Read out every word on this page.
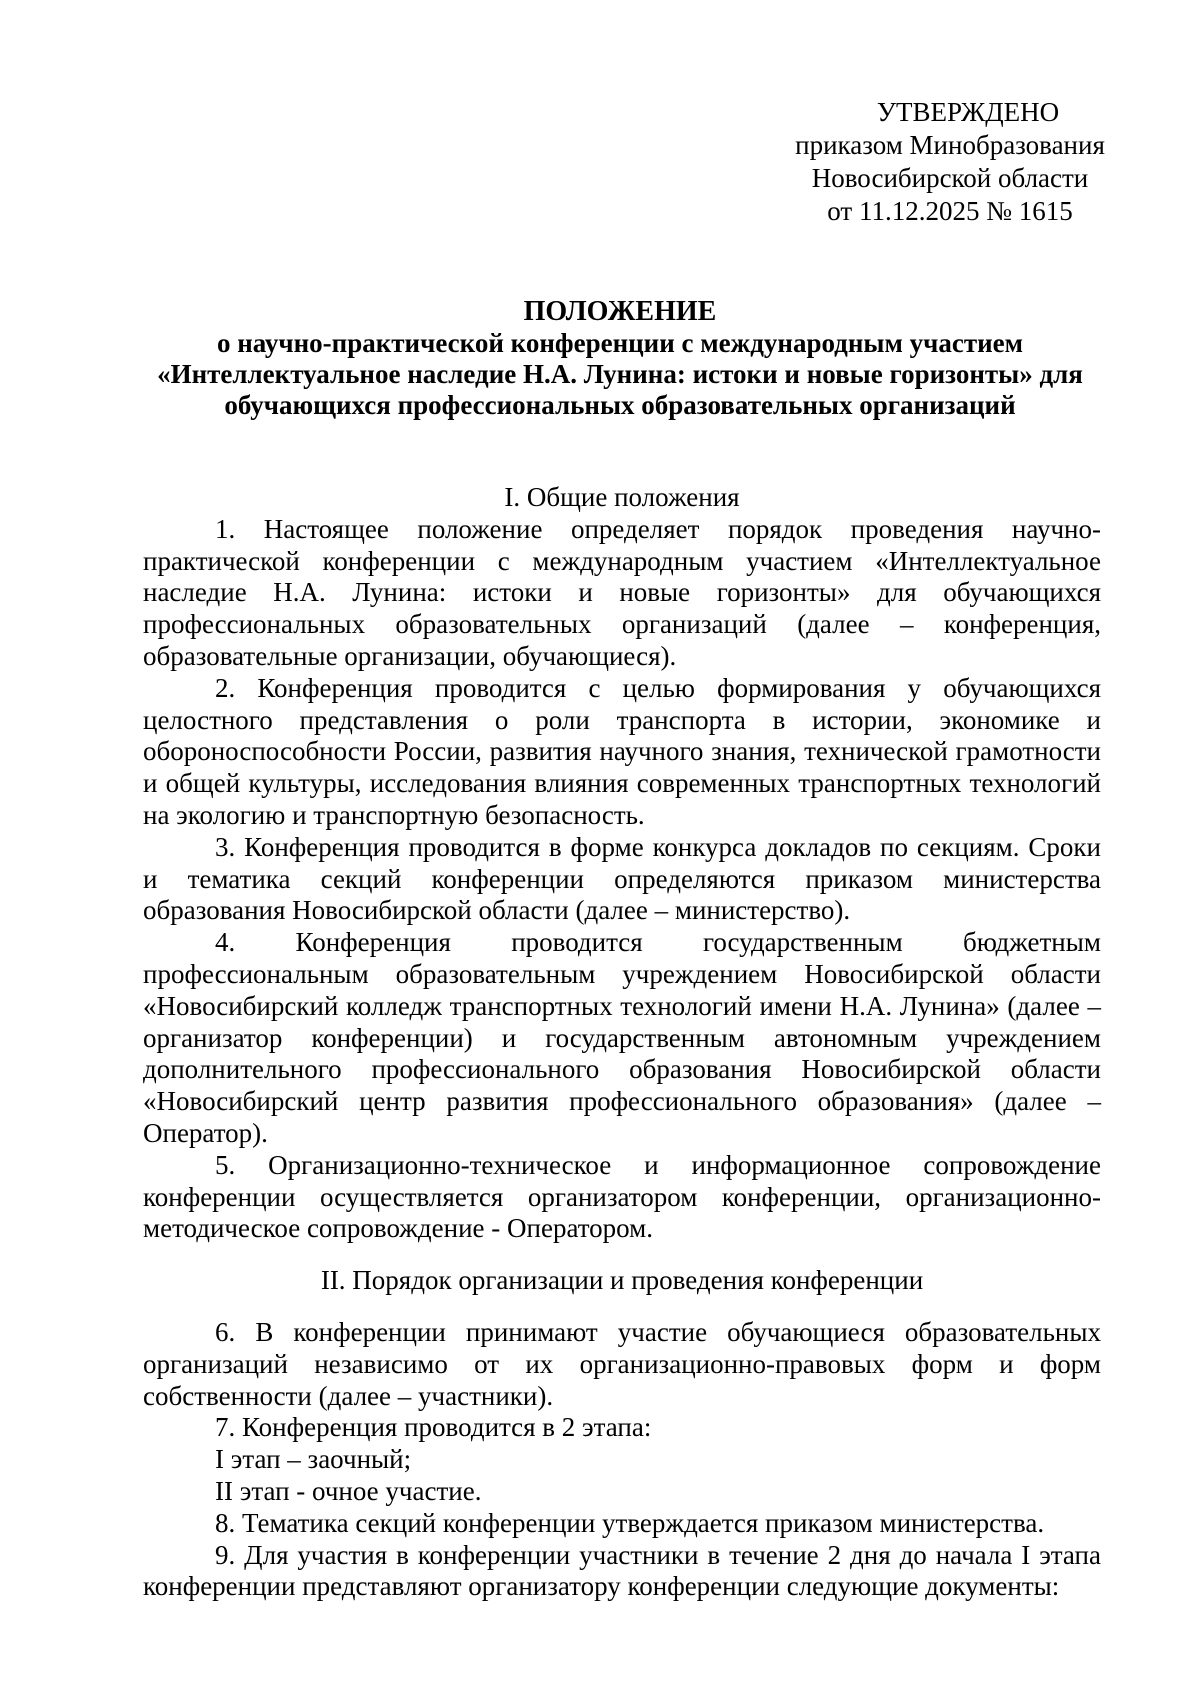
УТВЕРЖДЕНО
приказом Минобразования
Новосибирской области
от 11.12.2025 № 1615
ПОЛОЖЕНИЕ
о научно-практической конференции с международным участием
«Интеллектуальное наследие Н.А. Лунина: истоки и новые горизонты» для
обучающихся профессиональных образовательных организаций

I. Общие положения

1. Настоящее положение определяет порядок проведения научно-практической конференции с международным участием «Интеллектуальное наследие Н.А. Лунина: истоки и новые горизонты» для обучающихся профессиональных образовательных организаций (далее – конференция, образовательные организации, обучающиеся).

2. Конференция проводится с целью формирования у обучающихся целостного представления о роли транспорта в истории, экономике и обороноспособности России, развития научного знания, технической грамотности и общей культуры, исследования влияния современных транспортных технологий на экологию и транспортную безопасность.

3. Конференция проводится в форме конкурса докладов по секциям. Сроки и тематика секций конференции определяются приказом министерства образования Новосибирской области (далее – министерство).

4. Конференция проводится государственным бюджетным профессиональным образовательным учреждением Новосибирской области «Новосибирский колледж транспортных технологий имени Н.А. Лунина» (далее – организатор конференции) и государственным автономным учреждением дополнительного профессионального образования Новосибирской области «Новосибирский центр развития профессионального образования» (далее – Оператор).

5. Организационно-техническое и информационное сопровождение конференции осуществляется организатором конференции, организационно-методическое сопровождение - Оператором.

II. Порядок организации и проведения конференции

6. В конференции принимают участие обучающиеся образовательных организаций независимо от их организационно-правовых форм и форм собственности (далее – участники).

7. Конференция проводится в 2 этапа:

I этап – заочный;

II этап - очное участие.

8. Тематика секций конференции утверждается приказом министерства.

9. Для участия в конференции участники в течение 2 дня до начала I этапа конференции представляют организатору конференции следующие документы:
